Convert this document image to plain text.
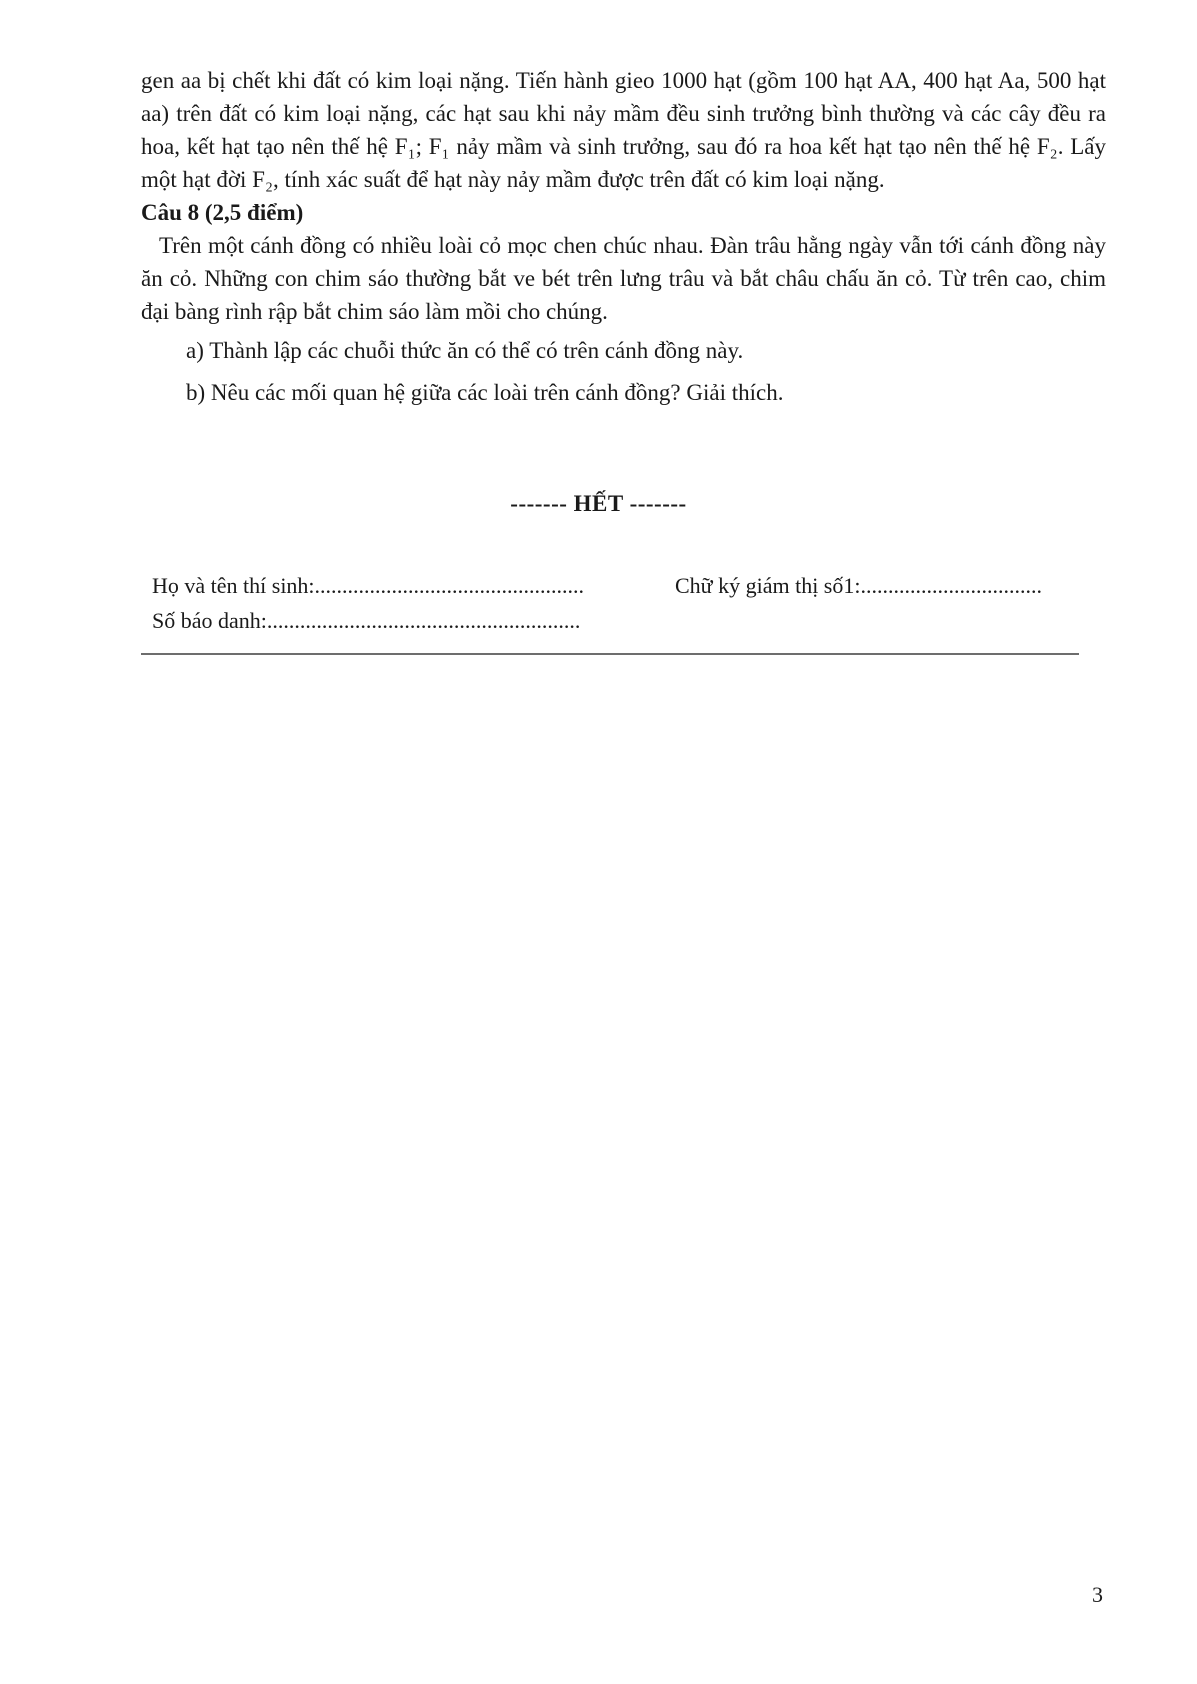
gen aa bị chết khi đất có kim loại nặng. Tiến hành gieo 1000 hạt (gồm 100 hạt AA, 400 hạt Aa, 500 hạt aa) trên đất có kim loại nặng, các hạt sau khi nảy mầm đều sinh trưởng bình thường và các cây đều ra hoa, kết hạt tạo nên thế hệ F₁; F₁ nảy mầm và sinh trưởng, sau đó ra hoa kết hạt tạo nên thế hệ F₂. Lấy một hạt đời F₂, tính xác suất để hạt này nảy mầm được trên đất có kim loại nặng.

Câu 8 (2,5 điểm)

Trên một cánh đồng có nhiều loài cỏ mọc chen chúc nhau. Đàn trâu hằng ngày vẫn tới cánh đồng này ăn cỏ. Những con chim sáo thường bắt ve bét trên lưng trâu và bắt châu chấu ăn cỏ. Từ trên cao, chim đại bàng rình rập bắt chim sáo làm mồi cho chúng.

a) Thành lập các chuỗi thức ăn có thể có trên cánh đồng này.

b) Nêu các mối quan hệ giữa các loài trên cánh đồng? Giải thích.

------- HẾT -------
Họ và tên thí sinh:.................................................	Chữ ký giám thị số1:.................................
Số báo danh:.........................................................
3
